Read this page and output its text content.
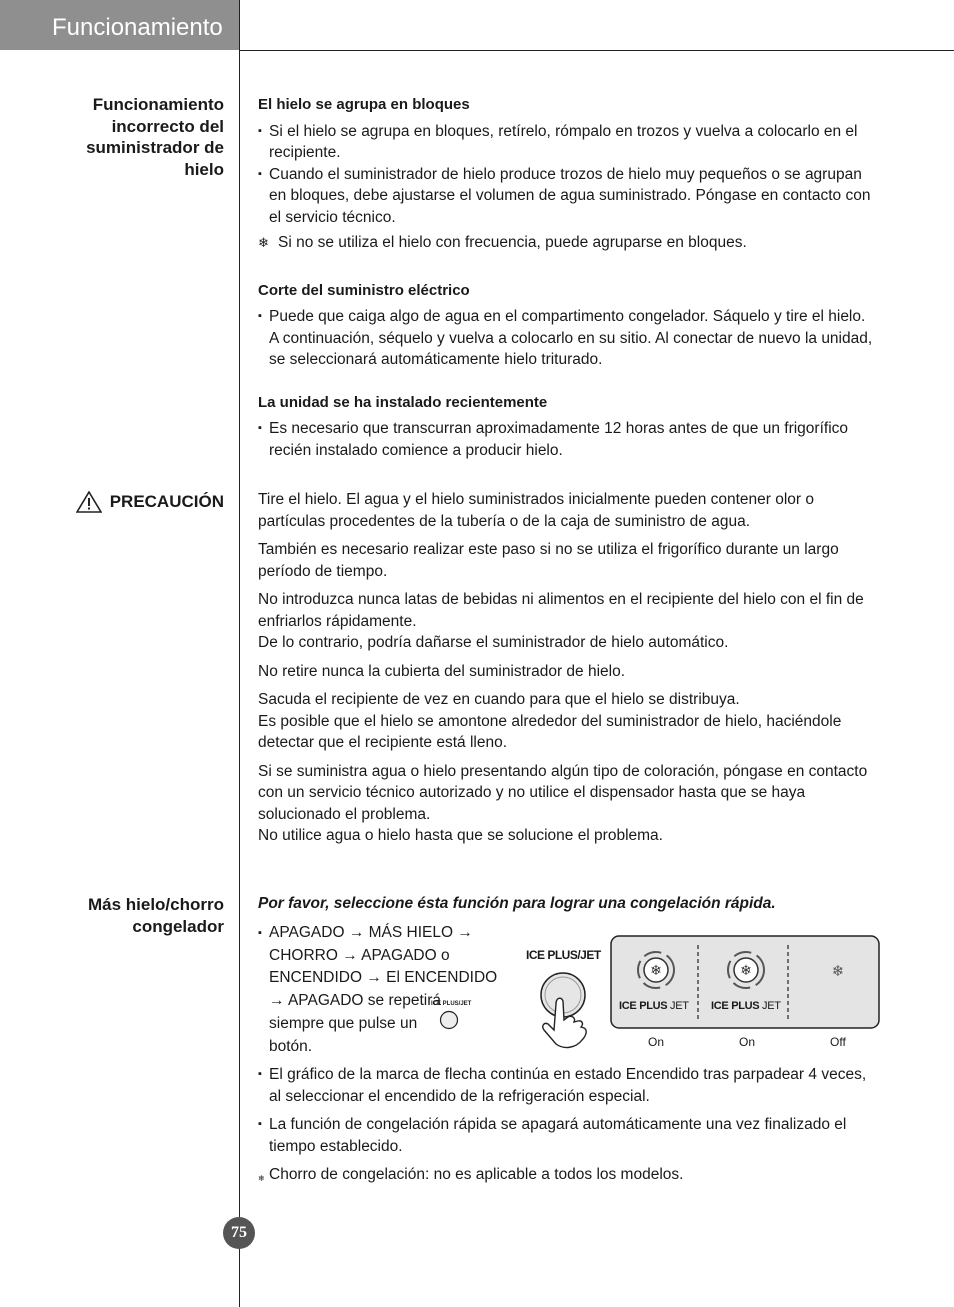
Funcionamiento
Funcionamiento
incorrecto del
suministrador de
hielo
El hielo se agrupa en bloques

▪ Si el hielo se agrupa en bloques, retírelo, rómpalo en trozos y vuelva a colocarlo en el recipiente.

▪ Cuando el suministrador de hielo produce trozos de hielo muy pequeños o se agrupan en bloques, debe ajustarse el volumen de agua suministrado. Póngase en contacto con el servicio técnico.

❄ Si no se utiliza el hielo con frecuencia, puede agruparse en bloques.
Corte del suministro eléctrico

▪ Puede que caiga algo de agua en el compartimento congelador. Sáquelo y tire el hielo. A continuación, séquelo y vuelva a colocarlo en su sitio. Al conectar de nuevo la unidad, se seleccionará automáticamente hielo triturado.

La unidad se ha instalado recientemente

▪ Es necesario que transcurran aproximadamente 12 horas antes de que un frigorífico recién instalado comience a producir hielo.

PRECAUCIÓN Tire el hielo. El agua y el hielo suministrados inicialmente pueden contener olor o partículas procedentes de la tubería o de la caja de suministro de agua.

También es necesario realizar este paso si no se utiliza el frigorífico durante un largo período de tiempo.

No introduzca nunca latas de bebidas ni alimentos en el recipiente del hielo con el fin de enfriarlos rápidamente.
De lo contrario, podría dañarse el suministrador de hielo automático.

No retire nunca la cubierta del suministrador de hielo.

Sacuda el recipiente de vez en cuando para que el hielo se distribuya.
Es posible que el hielo se amontone alrededor del suministrador de hielo, haciéndole detectar que el recipiente está lleno.

Si se suministra agua o hielo presentando algún tipo de coloración, póngase en contacto con un servicio técnico autorizado y no utilice el dispensador hasta que se haya solucionado el problema.
No utilice agua o hielo hasta que se solucione el problema.

Más hielo/chorro
congelador
Por favor, seleccione ésta función para lograr una congelación rápida.
▪ APAGADO → MÁS HIELO →
CHORRO → APAGADO o
ENCENDIDO → El ENCENDIDO
→ APAGADO se repetirá
siempre que pulse un
ICE PLUS/JET
botón.
ICE PLUS/JET
❄	❄	❄
ICE PLUS JET ICE PLUS JET
On	On	Off

▪ El gráfico de la marca de flecha continúa en estado Encendido tras parpadear 4 veces, al seleccionar el encendido de la refrigeración especial.

▪ La función de congelación rápida se apagará automáticamente una vez finalizado el tiempo establecido.

❄ Chorro de congelación: no es aplicable a todos los modelos.
75
